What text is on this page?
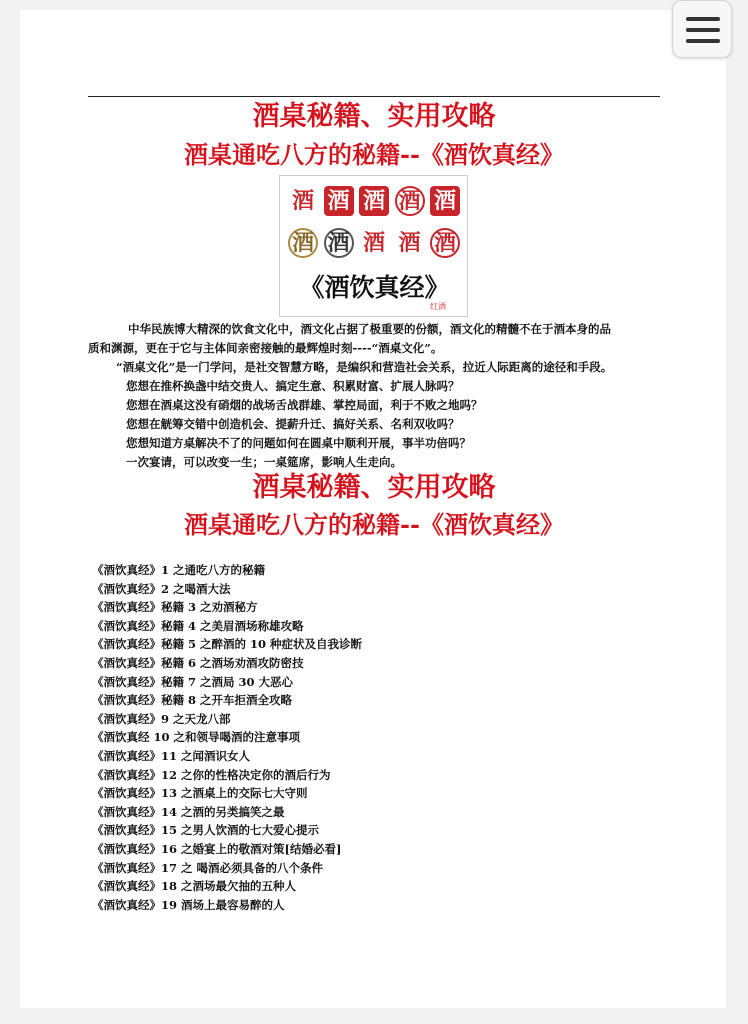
酒桌秘籍、实用攻略
酒桌通吃八方的秘籍--《酒饮真经》
酒 酒 酒 酒 酒
酒 酒 酒 酒 酒
《酒饮真经》
红酒

中华民族博大精深的饮食文化中，酒文化占据了极重要的份额，酒文化的精髓不在于酒本身的品

质和渊源，更在于它与主体间亲密接触的最辉煌时刻----“酒桌文化”。

“酒桌文化”是一门学问，是社交智慧方略，是编织和营造社会关系，拉近人际距离的途径和手段。

您想在推杯换盏中结交贵人、搞定生意、积累财富、扩展人脉吗？

您想在酒桌这没有硝烟的战场舌战群雄、掌控局面，利于不败之地吗？

您想在觥筹交错中创造机会、提薪升迁、搞好关系、名利双收吗？

您想知道方桌解决不了的问题如何在圆桌中顺利开展，事半功倍吗？

一次宴请，可以改变一生；一桌筵席，影响人生走向。

酒桌秘籍、实用攻略
酒桌通吃八方的秘籍--《酒饮真经》
《酒饮真经》1 之通吃八方的秘籍
《酒饮真经》2 之喝酒大法
《酒饮真经》秘籍 3 之劝酒秘方
《酒饮真经》秘籍 4 之美眉酒场称雄攻略
《酒饮真经》秘籍 5 之醉酒的 10 种症状及自我诊断
《酒饮真经》秘籍 6 之酒场劝酒攻防密技
《酒饮真经》秘籍 7 之酒局 30 大恶心
《酒饮真经》秘籍 8 之开车拒酒全攻略
《酒饮真经》9 之天龙八部
《酒饮真经 10 之和领导喝酒的注意事项
《酒饮真经》11 之闻酒识女人
《酒饮真经》12 之你的性格决定你的酒后行为
《酒饮真经》13 之酒桌上的交际七大守则
《酒饮真经》14 之酒的另类搞笑之最
《酒饮真经》15 之男人饮酒的七大爱心提示
《酒饮真经》16 之婚宴上的敬酒对策[结婚必看]
《酒饮真经》17 之 喝酒必须具备的八个条件
《酒饮真经》18 之酒场最欠抽的五种人
《酒饮真经》19 酒场上最容易醉的人
